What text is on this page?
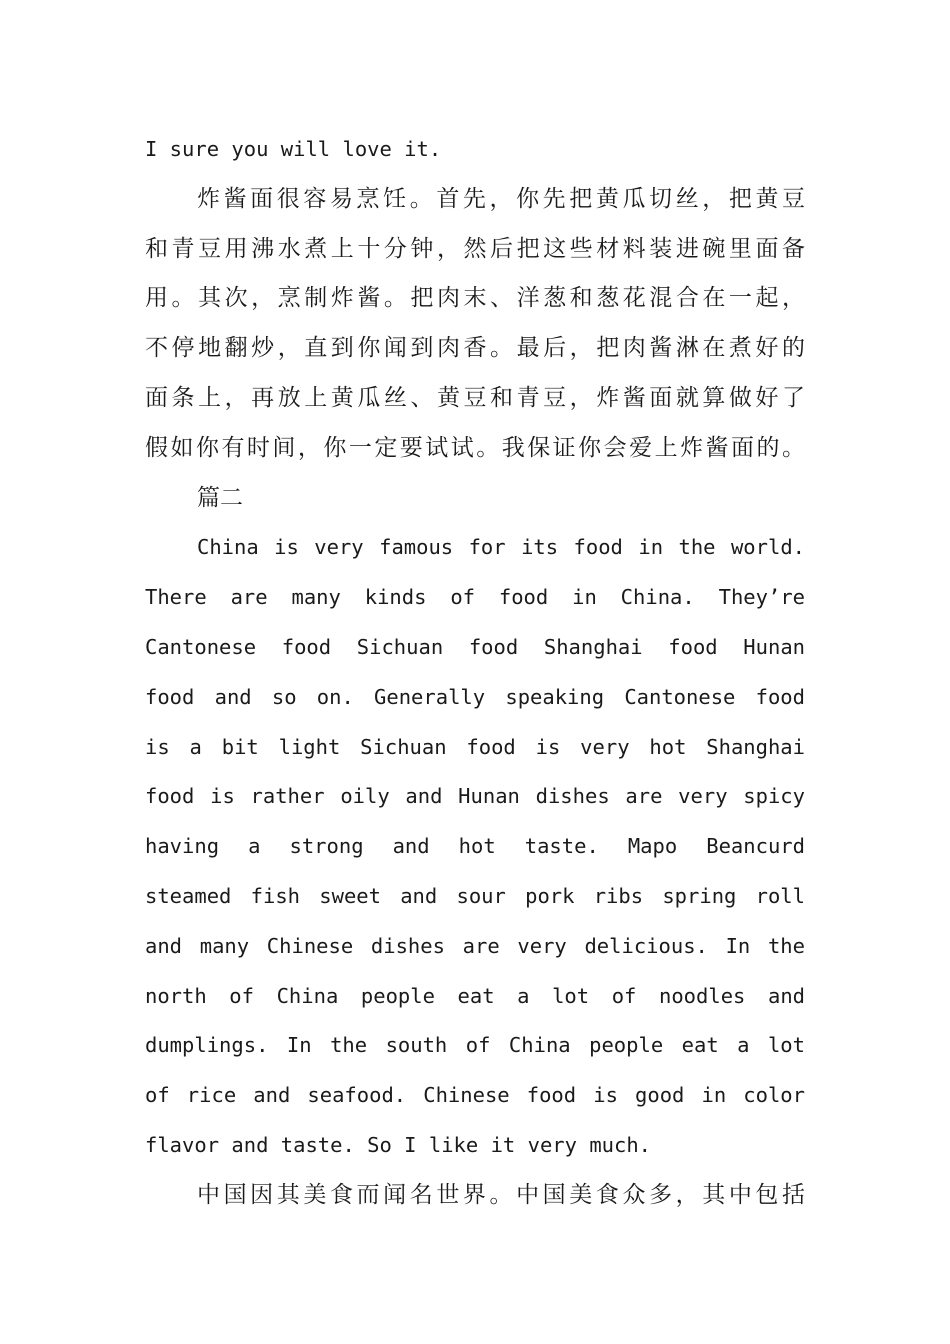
I sure you will love it.
炸酱面很容易烹饪。首先，你先把黄瓜切丝，把黄豆
和青豆用沸水煮上十分钟，然后把这些材料装进碗里面备
用。其次，烹制炸酱。把肉末、洋葱和葱花混合在一起，
不停地翻炒，直到你闻到肉香。最后，把肉酱淋在煮好的
面条上，再放上黄瓜丝、黄豆和青豆，炸酱面就算做好了
假如你有时间，你一定要试试。我保证你会爱上炸酱面的。
篇二
China is very famous for its food in the world.
There are many kinds of food in China. They’re
Cantonese food Sichuan food Shanghai food Hunan
food and so on. Generally speaking Cantonese food
is a bit light Sichuan food is very hot Shanghai
food is rather oily and Hunan dishes are very spicy
having a strong and hot taste. Mapo Beancurd
steamed fish sweet and sour pork ribs spring roll
and many Chinese dishes are very delicious. In the
north of China people eat a lot of noodles and
dumplings. In the south of China people eat a lot
of rice and seafood. Chinese food is good in color
flavor and taste. So I like it very much.
中国因其美食而闻名世界。中国美食众多，其中包括
